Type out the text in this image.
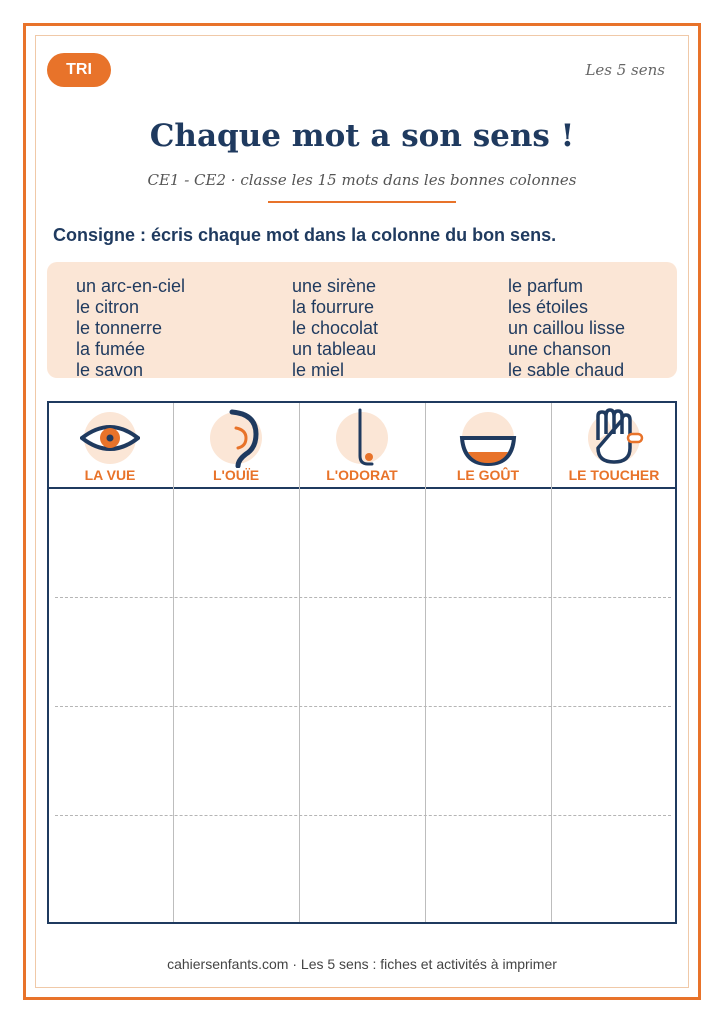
TRI	Les 5 sens
Chaque mot a son sens !
CE1 - CE2 · classe les 15 mots dans les bonnes colonnes
Consigne : écris chaque mot dans la colonne du bon sens.
un arc-en-ciel
le citron
le tonnerre
la fumée
le savon
une sirène
la fourrure
le chocolat
un tableau
le miel
le parfum
les étoiles
un caillou lisse
une chanson
le sable chaud
LA VUE	L'OUÏE	L'ODORAT	LE GOÛT	LE TOUCHER
cahiersenfants.com · Les 5 sens : fiches et activités à imprimer
